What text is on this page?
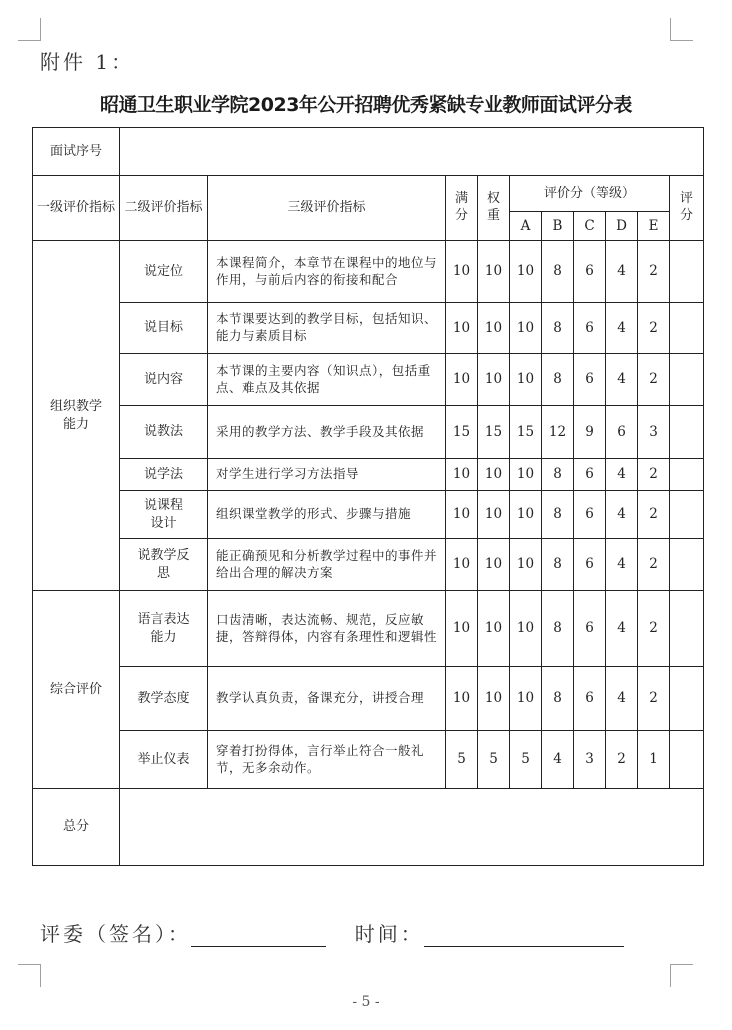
附件 1：
昭通卫生职业学院2023年公开招聘优秀紧缺专业教师面试评分表
面试序号										
一级评价指标	二级评价指标	三级评价指标	满分	权重	评价分（等级）					评分
					A	B	C	D	E	
组织教学能力	说定位	本课程简介，本章节在课程中的地位与作用，与前后内容的衔接和配合	10	10	10	8	6	4	2	
	说目标	本节课要达到的教学目标，包括知识、能力与素质目标	10	10	10	8	6	4	2	
	说内容	本节课的主要内容（知识点），包括重点、难点及其依据	10	10	10	8	6	4	2	
	说教法	采用的教学方法、教学手段及其依据	15	15	15	12	9	6	3	
	说学法	对学生进行学习方法指导	10	10	10	8	6	4	2	
	说课程设计	组织课堂教学的形式、步骤与措施	10	10	10	8	6	4	2	
	说教学反思	能正确预见和分析教学过程中的事件并给出合理的解决方案	10	10	10	8	6	4	2	
综合评价	语言表达能力	口齿清晰，表达流畅、规范，反应敏捷，答辩得体，内容有条理性和逻辑性	10	10	10	8	6	4	2	
	教学态度	教学认真负责，备课充分，讲授合理	10	10	10	8	6	4	2	
	举止仪表	穿着打扮得体，言行举止符合一般礼节，无多余动作。	5	5	5	4	3	2	1	
总分										
评委（签名）：	时间：
- 5 -
